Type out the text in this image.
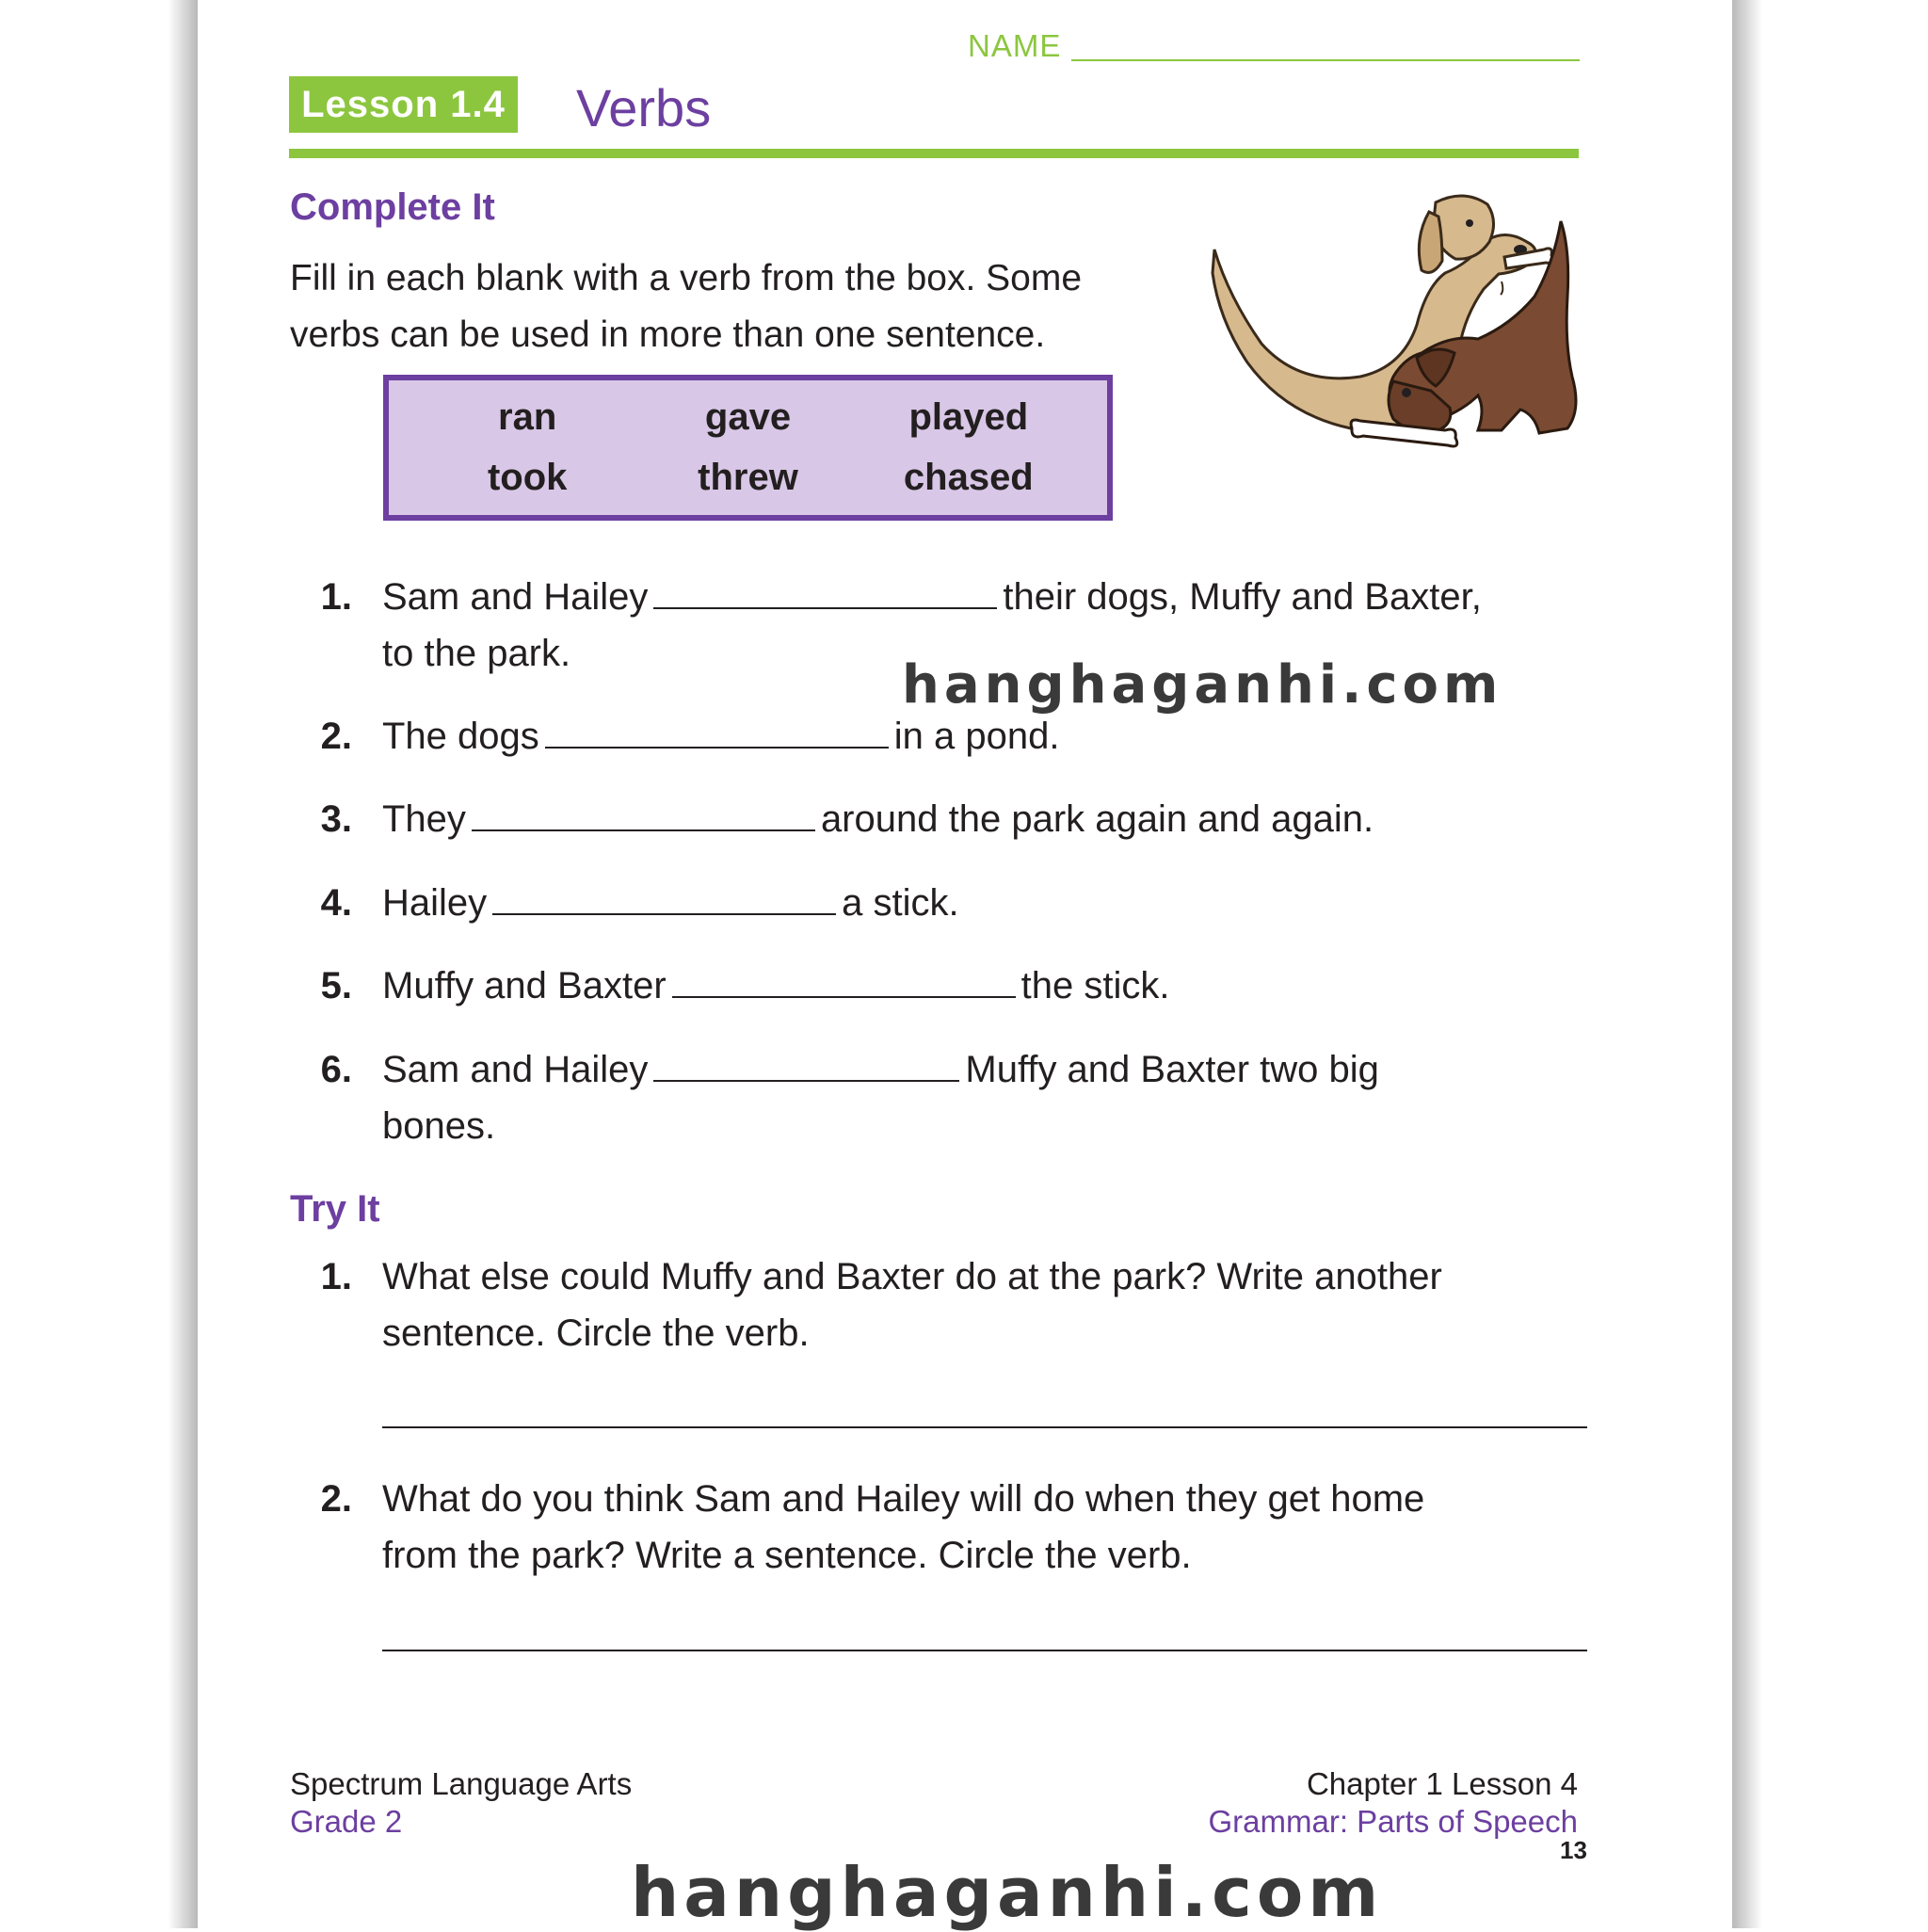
NAME
Lesson 1.4 Verbs
Complete It
Fill in each blank with a verb from the box. Some
verbs can be used in more than one sentence.
ran	gave	played
took	threw	chased
1. Sam and Hailey	their dogs, Muffy and Baxter,
to the park.
2. The dogs	in a pond.
3. They	around the park again and again.
4. Hailey	a stick.
5. Muffy and Baxter	the stick.
6. Sam and Hailey	Muffy and Baxter two big
bones.
hanghaganhi.com
Try It
1. What else could Muffy and Baxter do at the park? Write another
sentence. Circle the verb.
2. What do you think Sam and Hailey will do when they get home
from the park? Write a sentence. Circle the verb.
Spectrum Language Arts
Grade 2
Chapter 1 Lesson 4
Grammar: Parts of Speech
13
hanghaganhi.com
